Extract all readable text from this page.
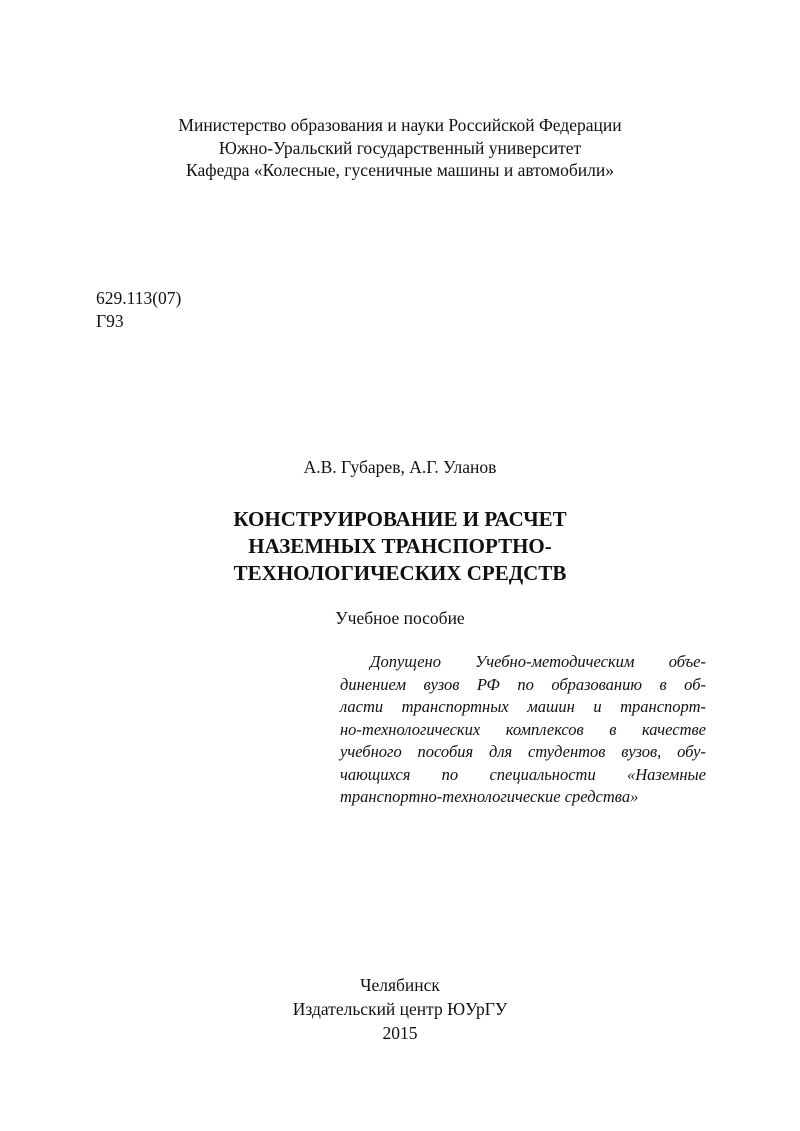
Министерство образования и науки Российской Федерации
Южно-Уральский государственный университет
Кафедра «Колесные, гусеничные машины и автомобили»
629.113(07)
Г93
А.В. Губарев, А.Г. Уланов
КОНСТРУИРОВАНИЕ И РАСЧЕТ
НАЗЕМНЫХ ТРАНСПОРТНО-
ТЕХНОЛОГИЧЕСКИХ СРЕДСТВ
Учебное пособие
Допущено Учебно-методическим объе-
динением вузов РФ по образованию в об-
ласти транспортных машин и транспорт-
но-технологических комплексов в качестве
учебного пособия для студентов вузов, обу-
чающихся по специальности «Наземные
транспортно-технологические средства»
Челябинск
Издательский центр ЮУрГУ
2015
